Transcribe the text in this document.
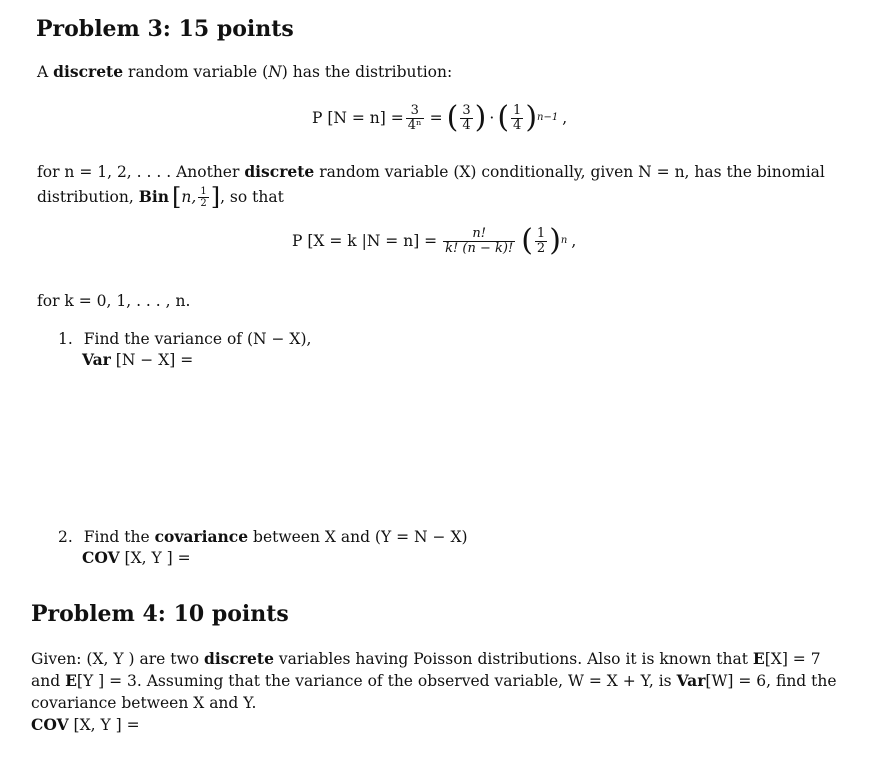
Problem 3: 15 points
A discrete random variable (N) has the distribution:
P $[N = n] = \frac{3}{\text{4ⁿ}}$ = ( $\frac{3}{4}$ ) · ( $\frac{1}{4}$ ) n−1 ,
for n = 1, 2, . . . . Another discrete random variable (X) conditionally, given N = n, has the binomial
distribution, Bin [ n, $\frac{1}{2}$ ] , so that
P [X = k $|N = n] = \frac{n!}{k! (n - k)!}$ ( $\frac{1}{2}$ ) n ,
for k = 0, 1, . . . , n.
1. Find the variance of (N − X),
Var [N − X] =
2. Find the covariance between X and (Y = N − X)
COV [X, Y ] =
Problem 4: 10 points
Given: (X, Y ) are two discrete variables having Poisson distributions. Also it is known that E[X] = 7
and E[Y ] = 3. Assuming that the variance of the observed variable, W = X + Y, is Var[W] = 6, find the
covariance between X and Y.
COV [X, Y ] =
